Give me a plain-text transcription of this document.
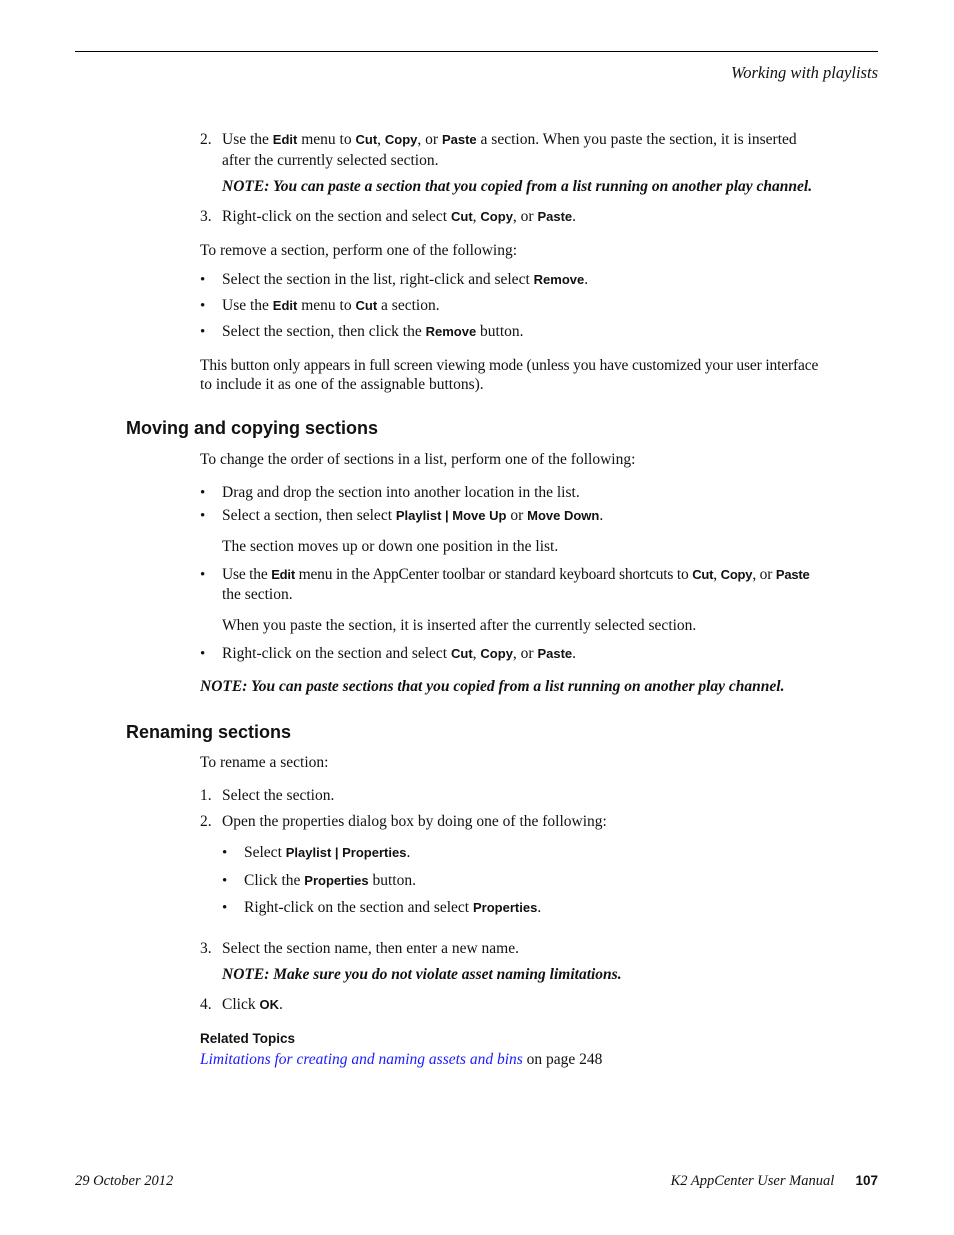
Working with playlists
2. Use the Edit menu to Cut, Copy, or Paste a section. When you paste the section, it is inserted
after the currently selected section.
NOTE: You can paste a section that you copied from a list running on another play channel.
3. Right-click on the section and select Cut, Copy, or Paste.
To remove a section, perform one of the following:
• Select the section in the list, right-click and select Remove.
• Use the Edit menu to Cut a section.
• Select the section, then click the Remove button.
This button only appears in full screen viewing mode (unless you have customized your user interface
to include it as one of the assignable buttons).
Moving and copying sections
To change the order of sections in a list, perform one of the following:
• Drag and drop the section into another location in the list.
• Select a section, then select Playlist | Move Up or Move Down.
The section moves up or down one position in the list.
• Use the Edit menu in the AppCenter toolbar or standard keyboard shortcuts to Cut, Copy, or Paste
the section.
When you paste the section, it is inserted after the currently selected section.
• Right-click on the section and select Cut, Copy, or Paste.
NOTE: You can paste sections that you copied from a list running on another play channel.
Renaming sections
To rename a section:
1. Select the section.
2. Open the properties dialog box by doing one of the following:
• Select Playlist | Properties.
• Click the Properties button.
• Right-click on the section and select Properties.
3. Select the section name, then enter a new name.
NOTE: Make sure you do not violate asset naming limitations.
4. Click OK.
Related Topics
Limitations for creating and naming assets and bins on page 248
29 October 2012	K2 AppCenter User Manual 107
